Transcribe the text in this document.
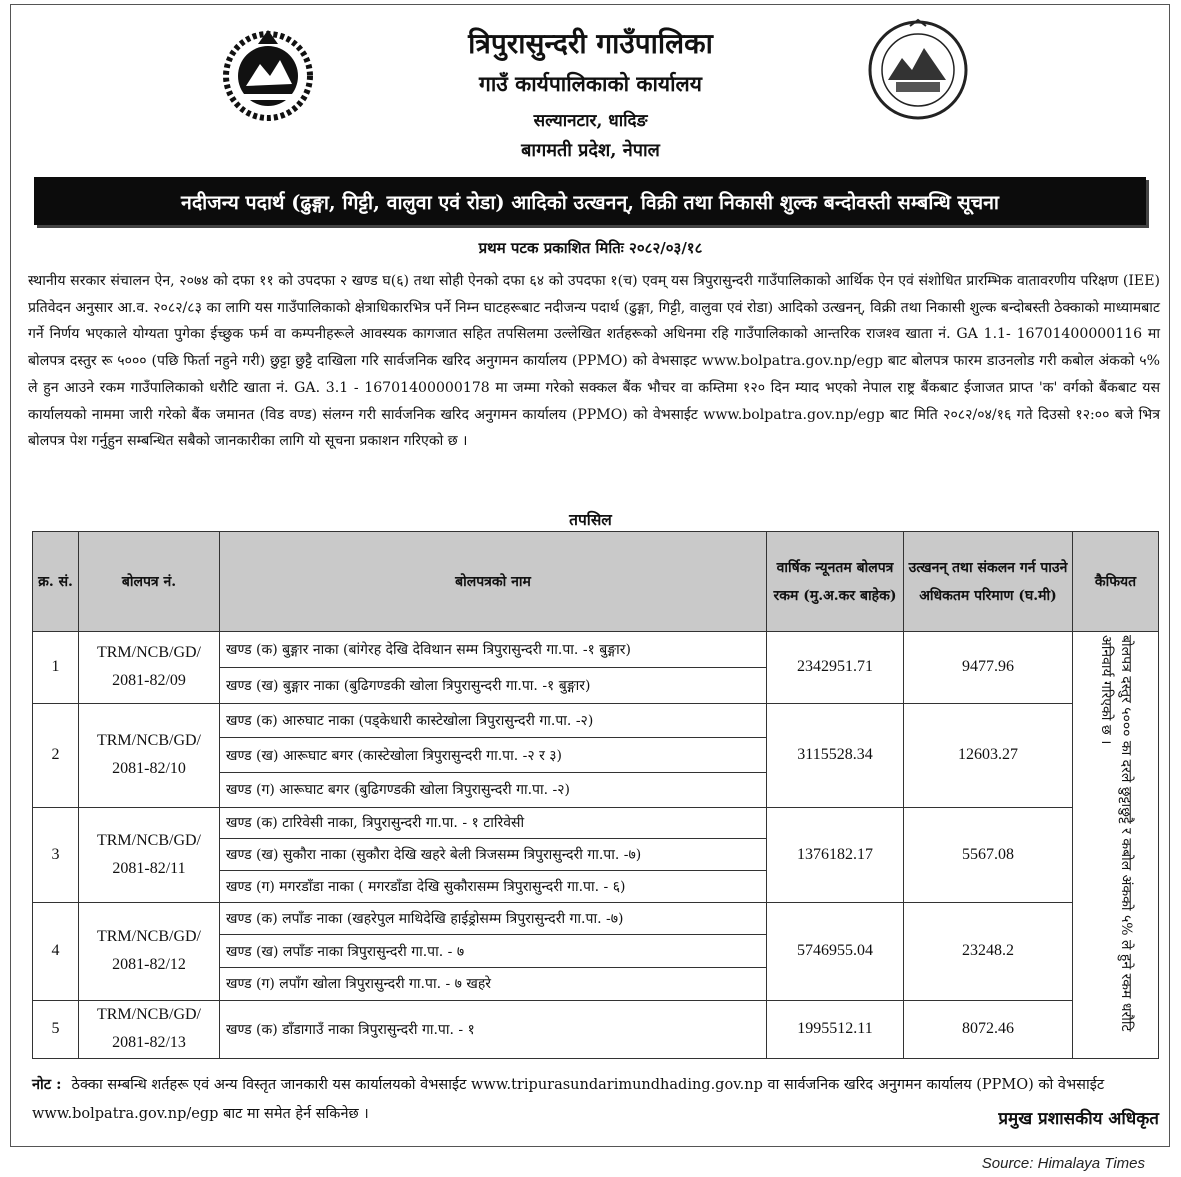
त्रिपुरासुन्दरी गाउँपालिका
गाउँ कार्यपालिकाको कार्यालय
सल्यानटार, धादिङ
बागमती प्रदेश, नेपाल
नदीजन्य पदार्थ (ढुङ्गा, गिट्टी, वालुवा एवं रोडा) आदिको उत्खनन्, विक्री तथा निकासी शुल्क बन्दोवस्ती सम्बन्धि सूचना
प्रथम पटक प्रकाशित मितिः २०८२/०३/१८
स्थानीय सरकार संचालन ऐन, २०७४ को दफा ११ को उपदफा २ खण्ड घ(६) तथा सोही ऐनको दफा ६४ को उपदफा १(च) एवम् यस त्रिपुरासुन्दरी गाउँपालिकाको आर्थिक ऐन एवं संशोधित प्रारम्भिक वातावरणीय परिक्षण (IEE) प्रतिवेदन अनुसार आ.व. २०८२/८३ का लागि यस गाउँपालिकाको क्षेत्राधिकारभित्र पर्ने निम्न घाटहरूबाट नदीजन्य पदार्थ (ढुङ्गा, गिट्टी, वालुवा एवं रोडा) आदिको उत्खनन्, विक्री तथा निकासी शुल्क बन्दोबस्ती ठेक्काको माध्यामबाट गर्ने निर्णय भएकाले योग्यता पुगेका ईच्छुक फर्म वा कम्पनीहरूले आवस्यक कागजात सहित तपसिलमा उल्लेखित शर्तहरूको अधिनमा रहि गाउँपालिकाको आन्तरिक राजश्व खाता नं. GA 1.1- 16701400000116 मा बोलपत्र दस्तुर रू ५००० (पछि फिर्ता नहुने गरी) छुट्टा छुट्टै दाखिला गरि सार्वजनिक खरिद अनुगमन कार्यालय (PPMO) को वेभसाइट www.bolpatra.gov.np/egp बाट बोलपत्र फारम डाउनलोड गरी कबोल अंकको ५% ले हुन आउने रकम गाउँपालिकाको धरौटि खाता नं. GA. 3.1 - 16701400000178 मा जम्मा गरेको सक्कल बैंक भौचर वा कम्तिमा १२० दिन म्याद भएको नेपाल राष्ट्र बैंकबाट ईजाजत प्राप्त 'क' वर्गको बैंकबाट यस कार्यालयको नाममा जारी गरेको बैंक जमानत (विड वण्ड) संलग्न गरी सार्वजनिक खरिद अनुगमन कार्यालय (PPMO) को वेभसाईट www.bolpatra.gov.np/egp बाट मिति २०८२/०४/१६ गते दिउसो १२:०० बजे भित्र बोलपत्र पेश गर्नुहुन सम्बन्धित सबैको जानकारीका लागि यो सूचना प्रकाशन गरिएको छ ।
तपसिल
क्र. सं.	बोलपत्र नं.	बोलपत्रको नाम	वार्षिक न्यूनतम बोलपत्र रकम (मु.अ.कर बाहेक)	उत्खनन् तथा संकलन गर्न पाउने अधिकतम परिमाण (घ.मी)	कैफियत
1	TRM/NCB/GD/
2081-82/09	खण्ड (क) बुङ्गार नाका (बांगेरह देखि देविथान सम्म त्रिपुरासुन्दरी गा.पा. -१ बुङ्गार)	2342951.71	9477.96	बोलपत्र दस्तुर ५००० का दरले छुट्टाछुट्टै र कबोल अंकको ५% ले हुने रकम धरौटि अनिवार्य गरिएको छ ।

		खण्ड (ख) बुङ्गार नाका (बुढिगण्डकी खोला त्रिपुरासुन्दरी गा.पा. -१ बुङ्गार)			
2	TRM/NCB/GD/
2081-82/10	खण्ड (क) आरुघाट नाका (पड्केधारी कास्टेखोला त्रिपुरासुन्दरी गा.पा. -२)	3115528.34	12603.27	
		खण्ड (ख) आरूघाट बगर (कास्टेखोला त्रिपुरासुन्दरी गा.पा. -२ र ३)			
		खण्ड (ग) आरूघाट बगर (बुढिगण्डकी खोला त्रिपुरासुन्दरी गा.पा. -२)			
3	TRM/NCB/GD/
2081-82/11	खण्ड (क) टारिवेसी नाका, त्रिपुरासुन्दरी गा.पा. - १ टारिवेसी	1376182.17	5567.08	
		खण्ड (ख) सुकौरा नाका (सुकौरा देखि खहरे बेली त्रिजसम्म त्रिपुरासुन्दरी गा.पा. -७)			
		खण्ड (ग) मगरडाँडा नाका ( मगरडाँडा देखि सुकौरासम्म त्रिपुरासुन्दरी गा.पा. - ६)			
4	TRM/NCB/GD/
2081-82/12	खण्ड (क) लपाँङ नाका (खहरेपुल माथिदेखि हाईड्रोसम्म त्रिपुरासुन्दरी गा.पा. -७)	5746955.04	23248.2	
		खण्ड (ख) लपाँङ नाका त्रिपुरासुन्दरी गा.पा. - ७			
		खण्ड (ग) लपाँग खोला त्रिपुरासुन्दरी गा.पा. - ७ खहरे			
5	TRM/NCB/GD/
2081-82/13	खण्ड (क) डाँडागाउँ नाका त्रिपुरासुन्दरी गा.पा. - १	1995512.11	8072.46	
नोट : ठेक्का सम्बन्धि शर्तहरू एवं अन्य विस्तृत जानकारी यस कार्यालयको वेभसाईट www.tripurasundarimundhading.gov.np वा सार्वजनिक खरिद अनुगमन कार्यालय (PPMO) को वेभसाईट www.bolpatra.gov.np/egp बाट मा समेत हेर्न सकिनेछ ।	प्रमुख प्रशासकीय अधिकृत
Source: Himalaya Times
